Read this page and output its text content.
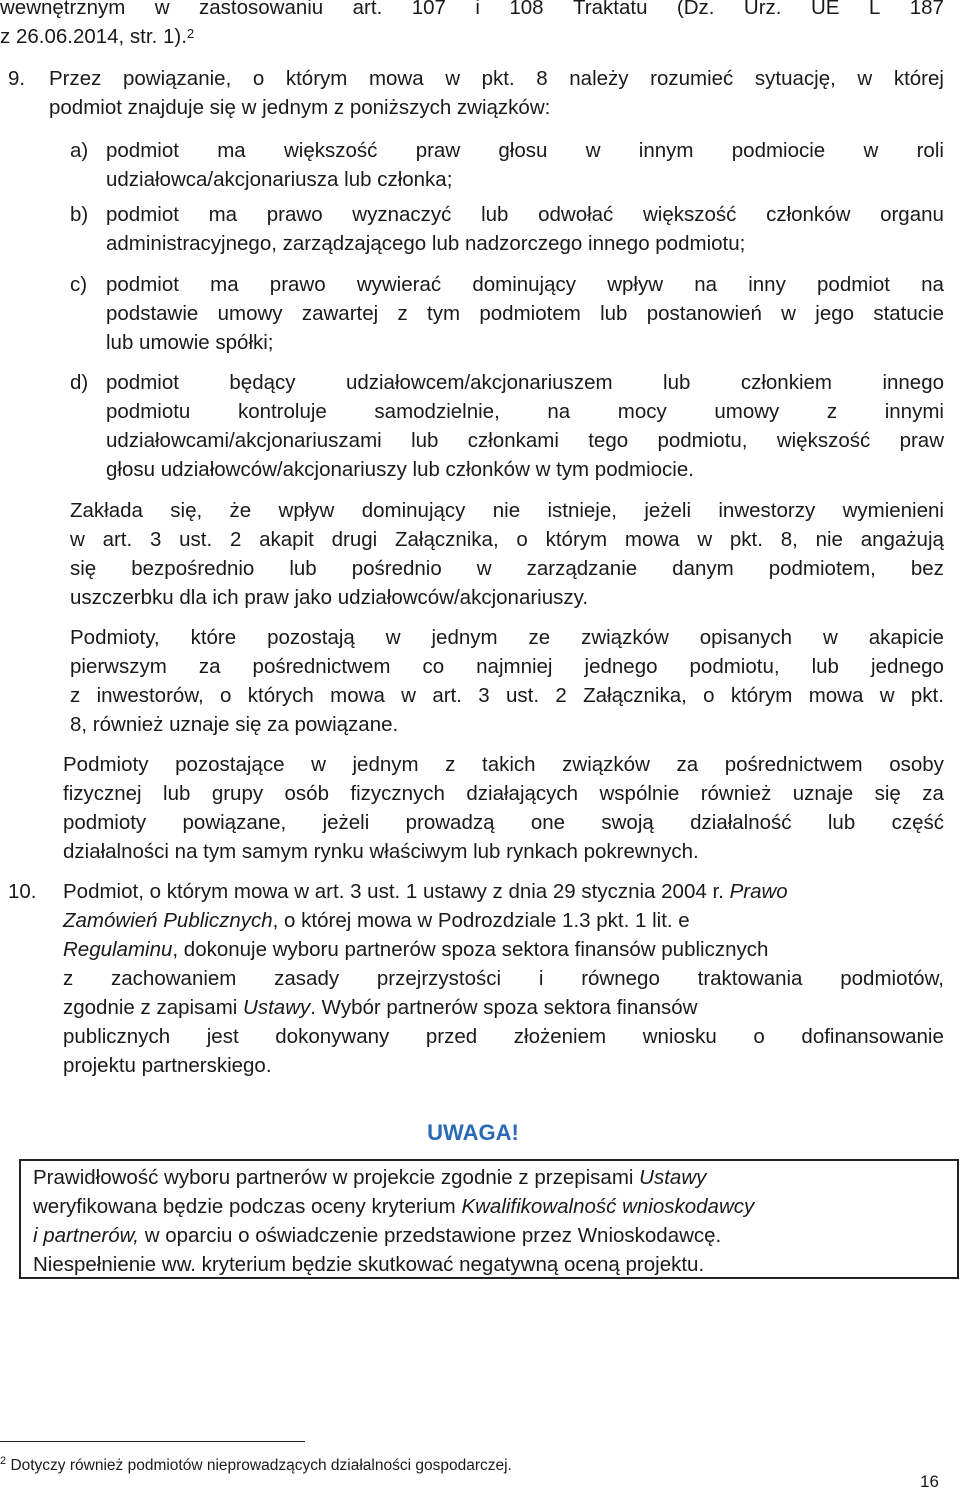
wewnętrznym w zastosowaniu art. 107 i 108 Traktatu (Dz. Urz. UE L 187
z 26.06.2014, str. 1).$^2$
9. Przez powiązanie, o którym mowa w pkt. 8 należy rozumieć sytuację, w której
podmiot znajduje się w jednym z poniższych związków:
a) podmiot ma większość praw głosu w innym podmiocie w roli
udziałowca/akcjonariusza lub członka;
b) podmiot ma prawo wyznaczyć lub odwołać większość członków organu
administracyjnego, zarządzającego lub nadzorczego innego podmiotu;
c) podmiot ma prawo wywierać dominujący wpływ na inny podmiot na
podstawie umowy zawartej z tym podmiotem lub postanowień w jego statucie
lub umowie spółki;
d) podmiot będący udziałowcem/akcjonariuszem lub członkiem innego
podmiotu kontroluje samodzielnie, na mocy umowy z innymi
udziałowcami/akcjonariuszami lub członkami tego podmiotu, większość praw
głosu udziałowców/akcjonariuszy lub członków w tym podmiocie.
Zakłada się, że wpływ dominujący nie istnieje, jeżeli inwestorzy wymienieni
w art. 3 ust. 2 akapit drugi Załącznika, o którym mowa w pkt. 8, nie angażują
się bezpośrednio lub pośrednio w zarządzanie danym podmiotem, bez
uszczerbku dla ich praw jako udziałowców/akcjonariuszy.
Podmioty, które pozostają w jednym ze związków opisanych w akapicie
pierwszym za pośrednictwem co najmniej jednego podmiotu, lub jednego
z inwestorów, o których mowa w art. 3 ust. 2 Załącznika, o którym mowa w pkt.
8, również uznaje się za powiązane.
Podmioty pozostające w jednym z takich związków za pośrednictwem osoby
fizycznej lub grupy osób fizycznych działających wspólnie również uznaje się za
podmioty powiązane, jeżeli prowadzą one swoją działalność lub część
działalności na tym samym rynku właściwym lub rynkach pokrewnych.
10. Podmiot, o którym mowa w art. 3 ust. 1 ustawy z dnia 29 stycznia 2004 r. Prawo
Zamówień Publicznych, o której mowa w Podrozdziale 1.3 pkt. 1 lit. e
Regulaminu, dokonuje wyboru partnerów spoza sektora finansów publicznych
z zachowaniem zasady przejrzystości i równego traktowania podmiotów,
zgodnie z zapisami Ustawy. Wybór partnerów spoza sektora finansów
publicznych jest dokonywany przed złożeniem wniosku o dofinansowanie
projektu partnerskiego.
UWAGA!
Prawidłowość wyboru partnerów w projekcie zgodnie z przepisami Ustawy
weryfikowana będzie podczas oceny kryterium Kwalifikowalność wnioskodawcy
i partnerów, w oparciu o oświadczenie przedstawione przez Wnioskodawcę.
Niespełnienie ww. kryterium będzie skutkować negatywną oceną projektu.
$^2$ Dotyczy również podmiotów nieprowadzących działalności gospodarczej.
16
